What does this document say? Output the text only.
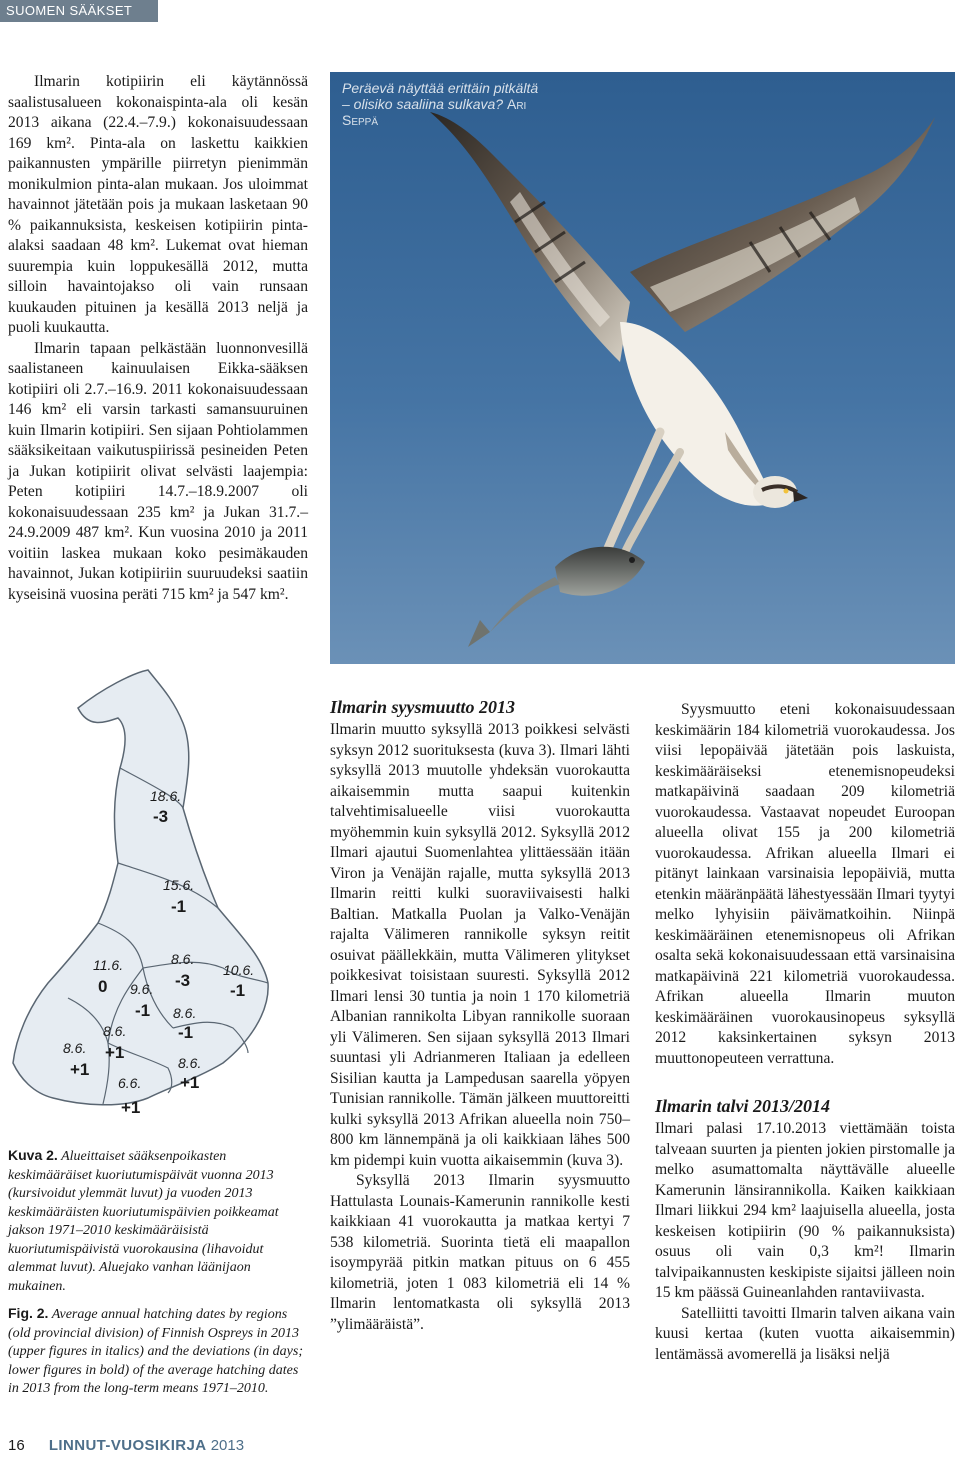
SUOMEN SÄÄKSET 2013

Ilmarin kotipiirin eli käytännössä saalistusalueen kokonaispinta-ala oli kesän 2013 aikana (22.4.–7.9.) kokonaisuudessaan 169 km². Pinta-ala on laskettu kaikkien paikannusten ympärille piirretyn pienimmän monikulmion pinta-alan mukaan. Jos uloimmat havainnot jätetään pois ja mukaan lasketaan 90 % paikannuksista, keskeisen kotipiirin pinta-alaksi saadaan 48 km². Lukemat ovat hieman suurempia kuin loppukesällä 2012, mutta silloin havaintojakso oli vain runsaan kuukauden pituinen ja kesällä 2013 neljä ja puoli kuukautta.

Ilmarin tapaan pelkästään luonnonvesillä saalistaneen kainuulaisen Eikka-sääksen kotipiiri oli 2.7.–16.9. 2011 kokonaisuudessaan 146 km² eli varsin tarkasti samansuuruinen kuin Ilmarin kotipiiri. Sen sijaan Pohtiolammen sääksikeitaan vaikutuspiirissä pesineiden Peten ja Jukan kotipiirit olivat selvästi laajempia: Peten kotipiiri 14.7.–18.9.2007 oli kokonaisuudessaan 235 km² ja Jukan 31.7.–24.9.2009 487 km². Kun vuosina 2010 ja 2011 voitiin laskea mukaan koko pesimäkauden havainnot, Jukan kotipiiriin suuruudeksi saatiin kyseisinä vuosina peräti 715 km² ja 547 km².

Peräevä näyttää erittäin pitkältä – olisiko saaliina sulkava? Ari Seppä
18.6.
-3
15.6.
-1
8.6.
-3
10.6.
-1
11.6.
0 9.6.
-1 8.6.
-1
8.6.
+1
8.6.
+1	8.6.
+1
6.6.
+1

Kuva 2. Alueittaiset sääksenpoikasten keskimääräiset kuoriutumispäivät vuonna 2013 (kursivoidut ylemmät luvut) ja vuoden 2013 keskimääräisten kuoriutumispäivien poikkeamat jakson 1971–2010 keskimääräisistä kuoriutumispäivistä vuorokausina (lihavoidut alemmat luvut). Aluejako vanhan läänijaon mukainen.

Fig. 2. Average annual hatching dates by regions (old provincial division) of Finnish Ospreys in 2013 (upper figures in italics) and the deviations (in days; lower figures in bold) of the average hatching dates in 2013 from the long-term means 1971–2010.

Ilmarin syysmuutto 2013

Ilmarin muutto syksyllä 2013 poikkesi selvästi syksyn 2012 suorituksesta (kuva 3). Ilmari lähti syksyllä 2013 muutolle yhdeksän vuorokautta aikaisemmin mutta saapui kuitenkin talvehtimisalueelle viisi vuorokautta myöhemmin kuin syksyllä 2012. Syksyllä 2012 Ilmari ajautui Suomenlahtea ylittäessään itään Viron ja Venäjän rajalle, mutta syksyllä 2013 Ilmarin reitti kulki suoraviivaisesti halki Baltian. Matkalla Puolan ja Valko-Venäjän rajalta Välimeren rannikolle syksyn reitit osuivat päällekkäin, mutta Välimeren ylitykset poikkesivat toisistaan suuresti. Syksyllä 2012 Ilmari lensi 30 tuntia ja noin 1 170 kilometriä Albanian rannikolta Libyan rannikolle suoraan yli Välimeren. Sen sijaan syksyllä 2013 Ilmari suuntasi yli Adrianmeren Italiaan ja edelleen Sisilian kautta ja Lampedusan saarella yöpyen Tunisian rannikolle. Tämän jälkeen muuttoreitti kulki syksyllä 2013 Afrikan alueella noin 750–800 km lännempänä ja oli kaikkiaan lähes 500 km pidempi kuin vuotta aikaisemmin (kuva 3).

Syksyllä 2013 Ilmarin syysmuutto Hattulasta Lounais-Kamerunin rannikolle kesti kaikkiaan 41 vuorokautta ja matkaa kertyi 7 538 kilometriä. Suorinta tietä eli maapallon isoympyrää pitkin matkan pituus on 6 455 kilometriä, joten 1 083 kilometriä eli 14 % Ilmarin lentomatkasta oli syksyllä 2013 ”ylimääräistä”.

Syysmuutto eteni kokonaisuudessaan keskimäärin 184 kilometriä vuorokaudessa. Jos viisi lepopäivää jätetään pois laskuista, keskimääräiseksi etenemisnopeudeksi matkapäivinä saadaan 209 kilometriä vuorokaudessa. Vastaavat nopeudet Euroopan alueella olivat 155 ja 200 kilometriä vuorokaudessa. Afrikan alueella Ilmari ei pitänyt lainkaan varsinaisia lepopäiviä, mutta etenkin määränpäätä lähestyessään Ilmari tyytyi melko lyhyisiin päivämatkoihin. Niinpä keskimääräinen etenemisnopeus oli Afrikan osalta sekä kokonaisuudessaan että varsinaisina matkapäivinä 221 kilometriä vuorokaudessa. Afrikan alueella Ilmarin muuton keskimääräinen vuorokausinopeus syksyllä 2012 kaksinkertainen syksyn 2013 muuttonopeuteen verrattuna.

Ilmarin talvi 2013/2014

Ilmari palasi 17.10.2013 viettämään toista talveaan suurten ja pienten jokien pirstomalle ja melko asumattomalta näyttävälle alueelle Kamerunin länsirannikolla. Kaiken kaikkiaan Ilmari liikkui 294 km² laajuisella alueella, josta keskeisen kotipiirin (90 % paikannuksista) osuus oli vain 0,3 km²! Ilmarin talvipaikannusten keskipiste sijaitsi jälleen noin 15 km päässä Guineanlahden rantaviivasta.

Satelliitti tavoitti Ilmarin talven aikana vain kuusi kertaa (kuten vuotta aikaisemmin) lentämässä avomerellä ja lisäksi neljä

16 LINNUT-VUOSIKIRJA 2013
